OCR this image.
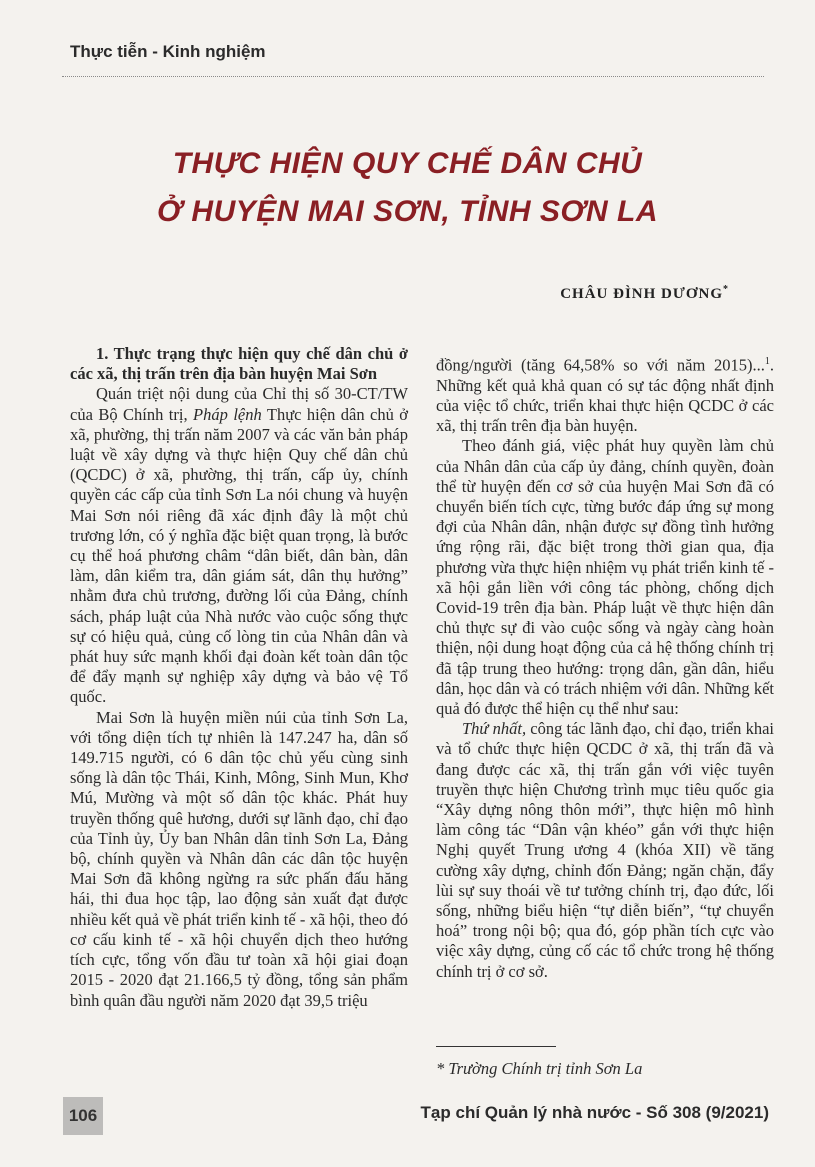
Thực tiễn - Kinh nghiệm
THỰC HIỆN QUY CHẾ DÂN CHỦ
Ở HUYỆN MAI SƠN, TỈNH SƠN LA
CHÂU ĐÌNH DƯƠNG*

1. Thực trạng thực hiện quy chế dân chủ ở các xã, thị trấn trên địa bàn huyện Mai Sơn

Quán triệt nội dung của Chỉ thị số 30-CT/TW của Bộ Chính trị, Pháp lệnh Thực hiện dân chủ ở xã, phường, thị trấn năm 2007 và các văn bản pháp luật về xây dựng và thực hiện Quy chế dân chủ (QCDC) ở xã, phường, thị trấn, cấp ủy, chính quyền các cấp của tỉnh Sơn La nói chung và huyện Mai Sơn nói riêng đã xác định đây là một chủ trương lớn, có ý nghĩa đặc biệt quan trọng, là bước cụ thể hoá phương châm “dân biết, dân bàn, dân làm, dân kiểm tra, dân giám sát, dân thụ hưởng” nhằm đưa chủ trương, đường lối của Đảng, chính sách, pháp luật của Nhà nước vào cuộc sống thực sự có hiệu quả, củng cố lòng tin của Nhân dân và phát huy sức mạnh khối đại đoàn kết toàn dân tộc để đẩy mạnh sự nghiệp xây dựng và bảo vệ Tổ quốc.

Mai Sơn là huyện miền núi của tỉnh Sơn La, với tổng diện tích tự nhiên là 147.247 ha, dân số 149.715 người, có 6 dân tộc chủ yếu cùng sinh sống là dân tộc Thái, Kinh, Mông, Sinh Mun, Khơ Mú, Mường và một số dân tộc khác. Phát huy truyền thống quê hương, dưới sự lãnh đạo, chỉ đạo của Tỉnh ủy, Ủy ban Nhân dân tỉnh Sơn La, Đảng bộ, chính quyền và Nhân dân các dân tộc huyện Mai Sơn đã không ngừng ra sức phấn đấu hăng hái, thi đua học tập, lao động sản xuất đạt được nhiều kết quả về phát triển kinh tế - xã hội, theo đó cơ cấu kinh tế - xã hội chuyển dịch theo hướng tích cực, tổng vốn đầu tư toàn xã hội giai đoạn 2015 - 2020 đạt 21.166,5 tỷ đồng, tổng sản phẩm bình quân đầu người năm 2020 đạt 39,5 triệu

đồng/người (tăng 64,58% so với năm 2015)...$^1$. Những kết quả khả quan có sự tác động nhất định của việc tổ chức, triển khai thực hiện QCDC ở các xã, thị trấn trên địa bàn huyện.

Theo đánh giá, việc phát huy quyền làm chủ của Nhân dân của cấp ủy đảng, chính quyền, đoàn thể từ huyện đến cơ sở của huyện Mai Sơn đã có chuyển biến tích cực, từng bước đáp ứng sự mong đợi của Nhân dân, nhận được sự đồng tình hưởng ứng rộng rãi, đặc biệt trong thời gian qua, địa phương vừa thực hiện nhiệm vụ phát triển kinh tế - xã hội gắn liền với công tác phòng, chống dịch Covid-19 trên địa bàn. Pháp luật về thực hiện dân chủ thực sự đi vào cuộc sống và ngày càng hoàn thiện, nội dung hoạt động của cả hệ thống chính trị đã tập trung theo hướng: trọng dân, gần dân, hiểu dân, học dân và có trách nhiệm với dân. Những kết quả đó được thể hiện cụ thể như sau:

Thứ nhất, công tác lãnh đạo, chỉ đạo, triển khai và tổ chức thực hiện QCDC ở xã, thị trấn đã và đang được các xã, thị trấn gắn với việc tuyên truyền thực hiện Chương trình mục tiêu quốc gia “Xây dựng nông thôn mới”, thực hiện mô hình làm công tác “Dân vận khéo” gắn với thực hiện Nghị quyết Trung ương 4 (khóa XII) về tăng cường xây dựng, chỉnh đốn Đảng; ngăn chặn, đẩy lùi sự suy thoái về tư tưởng chính trị, đạo đức, lối sống, những biểu hiện “tự diễn biến”, “tự chuyển hoá” trong nội bộ; qua đó, góp phần tích cực vào việc xây dựng, củng cố các tổ chức trong hệ thống chính trị ở cơ sở.

* Trường Chính trị tỉnh Sơn La
106	Tạp chí Quản lý nhà nước - Số 308 (9/2021)
